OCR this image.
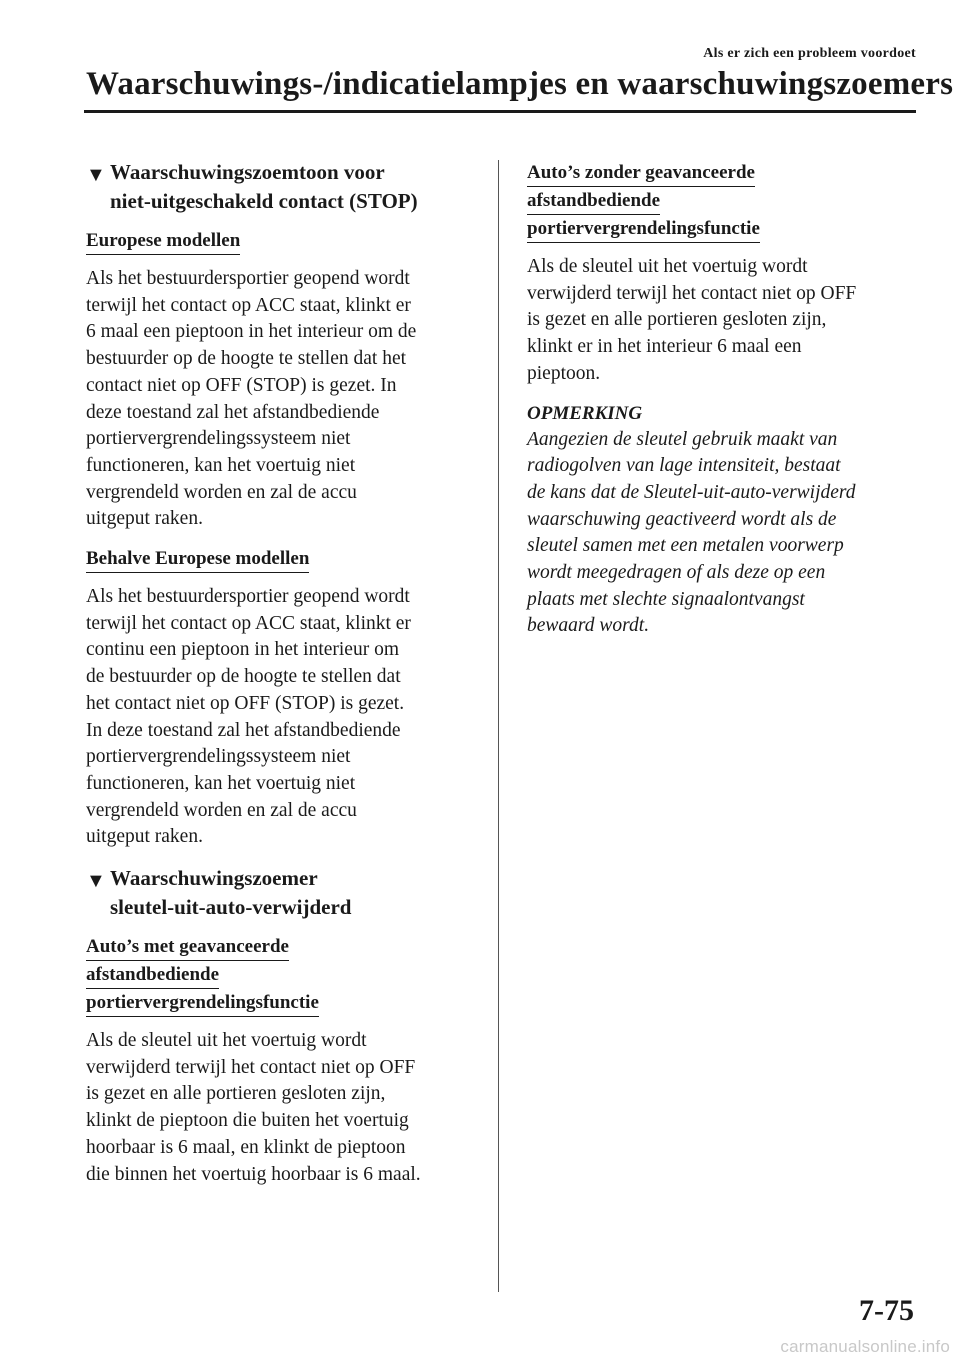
Als er zich een probleem voordoet
Waarschuwings-/indicatielampjes en waarschuwingszoemers
▼ Waarschuwingszoemtoon voor
niet-uitgeschakeld contact (STOP)
Europese modellen

Als het bestuurdersportier geopend wordt
terwijl het contact op ACC staat, klinkt er
6 maal een pieptoon in het interieur om de
bestuurder op de hoogte te stellen dat het
contact niet op OFF (STOP) is gezet. In
deze toestand zal het afstandbediende
portiervergrendelingssysteem niet
functioneren, kan het voertuig niet
vergrendeld worden en zal de accu
uitgeput raken.

Behalve Europese modellen

Als het bestuurdersportier geopend wordt
terwijl het contact op ACC staat, klinkt er
continu een pieptoon in het interieur om
de bestuurder op de hoogte te stellen dat
het contact niet op OFF (STOP) is gezet.
In deze toestand zal het afstandbediende
portiervergrendelingssysteem niet
functioneren, kan het voertuig niet
vergrendeld worden en zal de accu
uitgeput raken.

▼ Waarschuwingszoemer
sleutel-uit-auto-verwijderd
Auto’s met geavanceerde
afstandbediende
portiervergrendelingsfunctie

Als de sleutel uit het voertuig wordt
verwijderd terwijl het contact niet op OFF
is gezet en alle portieren gesloten zijn,
klinkt de pieptoon die buiten het voertuig
hoorbaar is 6 maal, en klinkt de pieptoon
die binnen het voertuig hoorbaar is 6 maal.

Auto’s zonder geavanceerde
afstandbediende
portiervergrendelingsfunctie

Als de sleutel uit het voertuig wordt
verwijderd terwijl het contact niet op OFF
is gezet en alle portieren gesloten zijn,
klinkt er in het interieur 6 maal een
pieptoon.

OPMERKING

Aangezien de sleutel gebruik maakt van
radiogolven van lage intensiteit, bestaat
de kans dat de Sleutel-uit-auto-verwijderd
waarschuwing geactiveerd wordt als de
sleutel samen met een metalen voorwerp
wordt meegedragen of als deze op een
plaats met slechte signaalontvangst
bewaard wordt.

7-75
carmanualsonline.info
